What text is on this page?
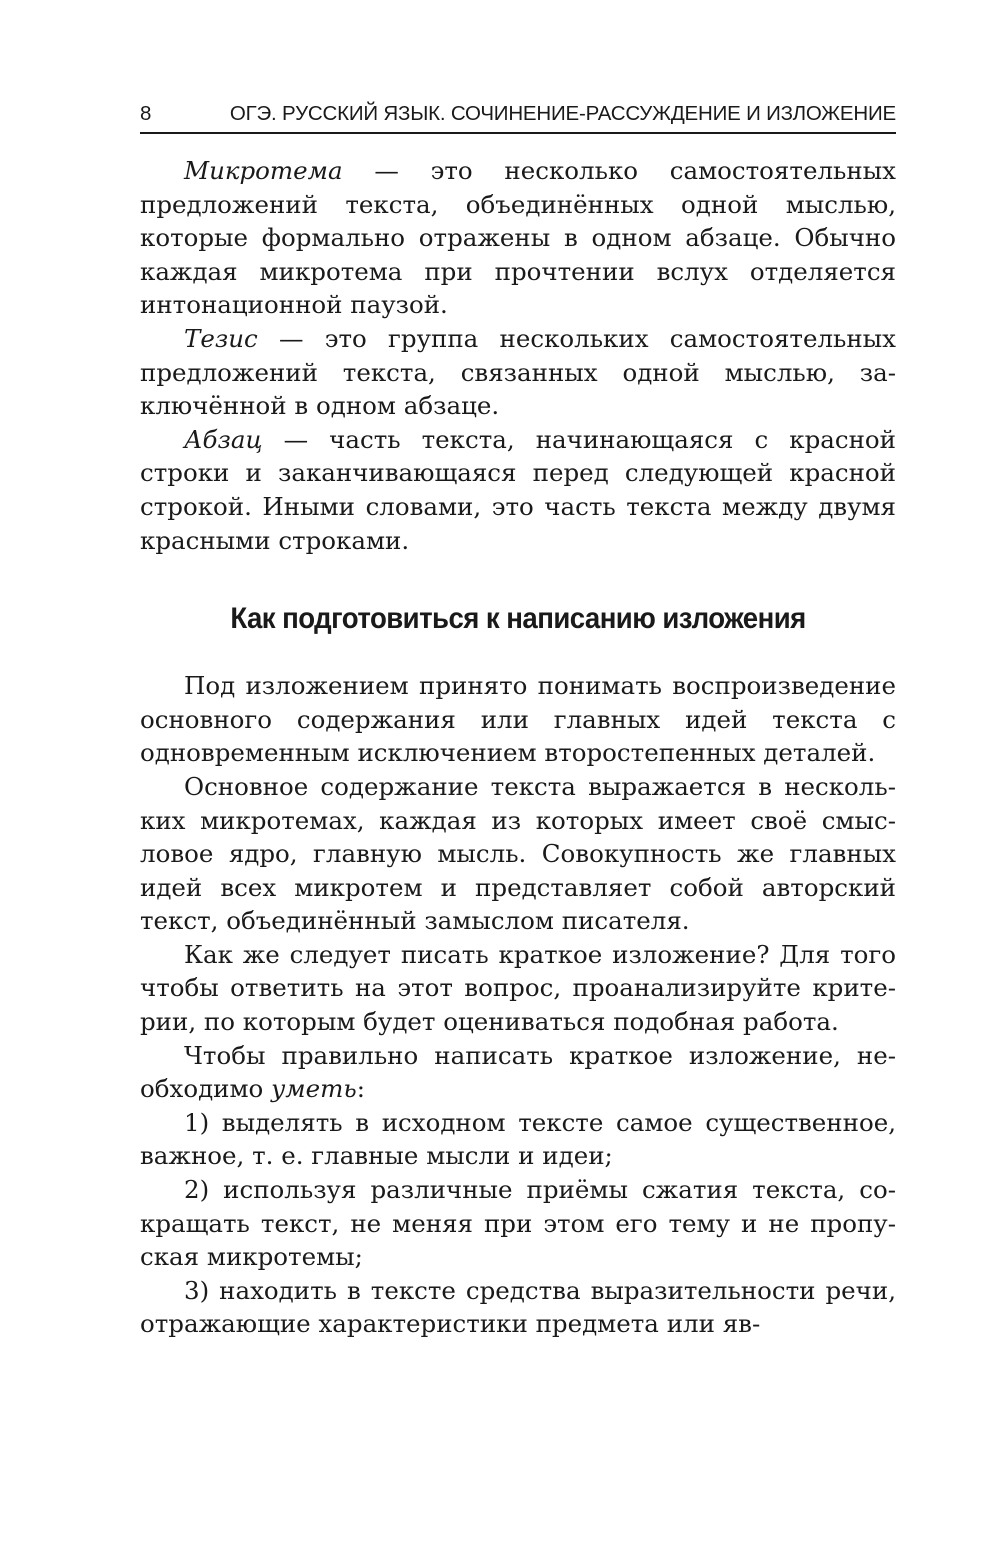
8	ОГЭ. РУССКИЙ ЯЗЫК. СОЧИНЕНИЕ-РАССУЖДЕНИЕ И ИЗЛОЖЕНИЕ

Микротема — это несколько самостоятельных предложений текста, объединённых одной мыслью, которые формально отражены в одном абзаце. Обычно каждая микротема при прочтении вслух отделяется интонационной паузой.

Тезис — это группа нескольких самостоятельных предложений текста, связанных одной мыслью, заключённой в одном абзаце.

Абзац — часть текста, начинающаяся с красной строки и заканчивающаяся перед следующей красной строкой. Иными словами, это часть текста между двумя красными строками.

Как подготовиться к написанию изложения

Под изложением принято понимать воспроизведение основного содержания или главных идей текста с одновременным исключением второстепенных деталей.

Основное содержание текста выражается в нескольких микротемах, каждая из которых имеет своё смысловое ядро, главную мысль. Совокупность же главных идей всех микротем и представляет собой авторский текст, объединённый замыслом писателя.

Как же следует писать краткое изложение? Для того чтобы ответить на этот вопрос, проанализируйте критерии, по которым будет оцениваться подобная работа.

Чтобы правильно написать краткое изложение, необходимо уметь:

1) выделять в исходном тексте самое существенное, важное, т. е. главные мысли и идеи;

2) используя различные приёмы сжатия текста, сокращать текст, не меняя при этом его тему и не пропуская микротемы;

3) находить в тексте средства выразительности речи, отражающие характеристики предмета или яв-
